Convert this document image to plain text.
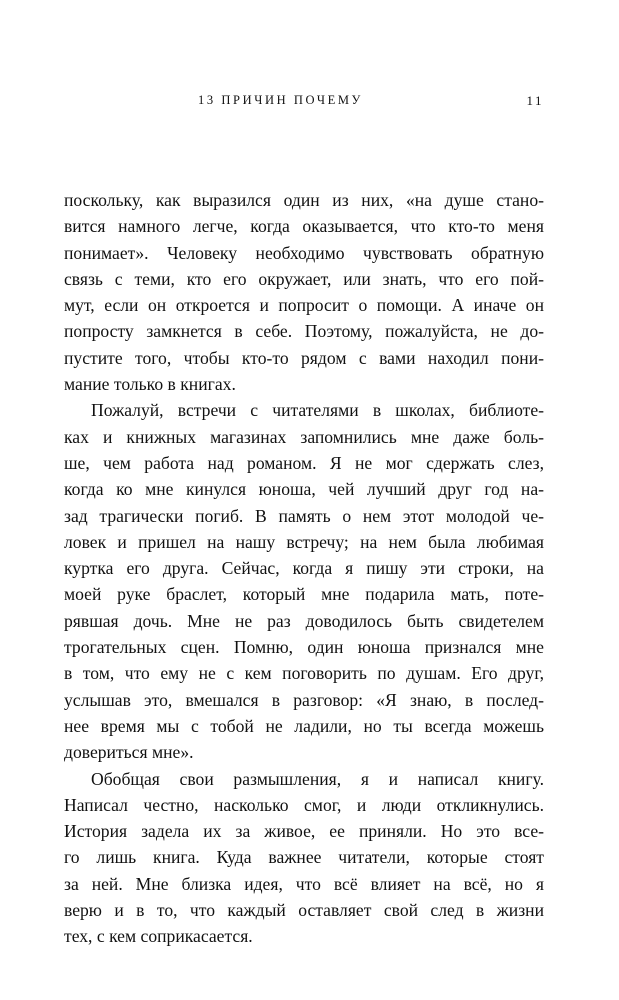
13 ПРИЧИН ПОЧЕМУ	11
поскольку, как выразился один из них, «на душе стано-
вится намного легче, когда оказывается, что кто-то меня
понимает». Человеку необходимо чувствовать обратную
связь с теми, кто его окружает, или знать, что его пой-
мут, если он откроется и попросит о помощи. А иначе он
попросту замкнется в себе. Поэтому, пожалуйста, не до-
пустите того, чтобы кто-то рядом с вами находил пони-
мание только в книгах.
Пожалуй, встречи с читателями в школах, библиоте-
ках и книжных магазинах запомнились мне даже боль-
ше, чем работа над романом. Я не мог сдержать слез,
когда ко мне кинулся юноша, чей лучший друг год на-
зад трагически погиб. В память о нем этот молодой че-
ловек и пришел на нашу встречу; на нем была любимая
куртка его друга. Сейчас, когда я пишу эти строки, на
моей руке браслет, который мне подарила мать, поте-
рявшая дочь. Мне не раз доводилось быть свидетелем
трогательных сцен. Помню, один юноша признался мне
в том, что ему не с кем поговорить по душам. Его друг,
услышав это, вмешался в разговор: «Я знаю, в послед-
нее время мы с тобой не ладили, но ты всегда можешь
довериться мне».
Обобщая свои размышления, я и написал книгу.
Написал честно, насколько смог, и люди откликнулись.
История задела их за живое, ее приняли. Но это все-
го лишь книга. Куда важнее читатели, которые стоят
за ней. Мне близка идея, что всё влияет на всё, но я
верю и в то, что каждый оставляет свой след в жизни
тех, с кем соприкасается.
